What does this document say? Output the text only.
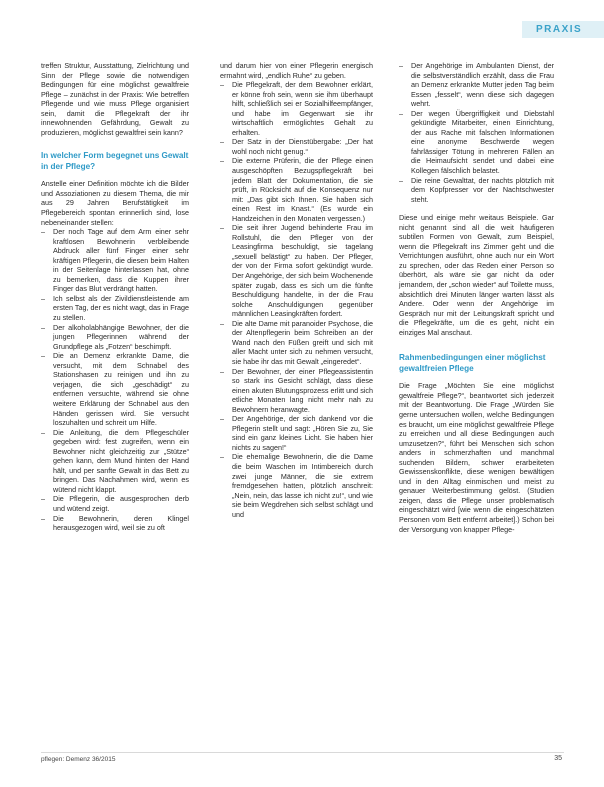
PRAXIS

treffen Struktur, Ausstattung, Zielrichtung und Sinn der Pflege sowie die notwendigen Bedingungen für eine möglichst gewaltfreie Pflege – zunächst in der Praxis: Wie betreffen Pflegende und wie muss Pflege organisiert sein, damit die Pflegekraft der ihr innewohnenden Gefährdung, Gewalt zu produzieren, möglichst gewaltfrei sein kann?

In welcher Form begegnet uns Gewalt in der Pflege?

Anstelle einer Definition möchte ich die Bilder und Assoziationen zu diesem Thema, die mir aus 29 Jahren Berufstätigkeit im Pflegebereich spontan erinnerlich sind, lose nebeneinander stellen:

– Der noch Tage auf dem Arm einer sehr kraftlosen Bewohnerin verbleibende Abdruck aller fünf Finger einer sehr kräftigen Pflegerin, die diesen beim Halten in der Seitenlage hinterlassen hat, ohne zu bemerken, dass die Kuppen ihrer Finger das Blut verdrängt hatten.
– Ich selbst als der Zivildienstleistende am ersten Tag, der es nicht wagt, das in Frage zu stellen.
– Der alkoholabhängige Bewohner, der die jungen Pflegerinnen während der Grundpflege als „Fotzen“ beschimpft.
– Die an Demenz erkrankte Dame, die versucht, mit dem Schnabel des Stationshasen zu reinigen und ihn zu verjagen, die sich „geschädigt“ zu entfernen versuchte, während sie ohne weitere Erklärung der Schnabel aus den Händen gerissen wird. Sie versucht loszuhalten und schreit um Hilfe.
– Die Anleitung, die dem Pflegeschüler gegeben wird: fest zugreifen, wenn ein Bewohner nicht gleichzeitig zur „Stütze“ gehen kann, dem Mund hinten der Hand hält, und per sanfte Gewalt in das Bett zu bringen. Das Nachahmen wird, wenn es wütend nicht klappt.
– Die Pflegerin, die ausgesprochen derb und wütend zeigt.
– Die Bewohnerin, deren Klingel herausgezogen wird, weil sie zu oft

und darum hier von einer Pflegerin energisch ermahnt wird, „endlich Ruhe“ zu geben.

– Die Pflegekraft, der dem Bewohner erklärt, er könne froh sein, wenn sie ihm überhaupt hilft, schließlich sei er Sozialhilfeempfänger, und habe im Gegenwart sie ihr wirtschaftlich ermöglichtes Gehalt zu erhalten.
– Der Satz in der Dienstübergabe: „Der hat wohl noch nicht genug.“
– Die externe Prüferin, die der Pflege einen ausgeschöpften Bezugspflegekräft bei jedem Blatt der Dokumentation, die sie prüft, in Rücksicht auf die Konsequenz nur mit: „Das gibt sich Ihnen. Sie haben sich einen Rest im Knast.“ (Es wurde ein Handzeichen in den Monaten vergessen.)
– Die seit ihrer Jugend behinderte Frau im Rollstuhl, die den Pfleger von der Leasingfirma beschuldigt, sie tagelang „sexuell belästigt“ zu haben. Der Pfleger, der von der Firma sofort gekündigt wurde. Der Angehörige, der sich beim Wochenende später zugab, dass es sich um die fünfte Beschuldigung handelte, in der die Frau solche Anschuldigungen gegenüber männlichen Leasingkräften fordert.
– Die alte Dame mit paranoider Psychose, die der Altenpflegerin beim Schreiben an der Wand nach den Füßen greift und sich mit aller Macht unter sich zu nehmen versucht, sie habe ihr das mit Gewalt „eingeredet“.
– Der Bewohner, der einer Pflegeassistentin so stark ins Gesicht schlägt, dass diese einen akuten Blutungsprozess erlitt und sich etliche Monaten lang nicht mehr nah zu Bewohnern heranwagte.
– Der Angehörige, der sich dankend vor die Pflegerin stellt und sagt: „Hören Sie zu, Sie sind ein ganz kleines Licht. Sie haben hier nichts zu sagen!“
– Die ehemalige Bewohnerin, die die Dame die beim Waschen im Intimbereich durch zwei junge Männer, die sie extrem fremdgesehen hatten, plötzlich anschreit: „Nein, nein, das lasse ich nicht zu!“, und wie sie beim Wegdrehen sich selbst schlägt und und
– Der Angehörige im Ambulanten Dienst, der die selbstverständlich erzählt, dass die Frau an Demenz erkrankte Mutter jeden Tag beim Essen „fesselt“, wenn diese sich dagegen wehrt.
– Der wegen Übergriffigkeit und Diebstahl gekündigte Mitarbeiter, einen Einrichtung, der aus Rache mit falschen Informationen eine anonyme Beschwerde wegen fahrlässiger Tötung in mehreren Fällen an die Heimaufsicht sendet und dabei eine Kollegen fälschlich belastet.
– Die reine Gewalttat, der nachts plötzlich mit dem Kopfpresser vor der Nachtschwester steht.

Diese und einige mehr weitaus Beispiele. Gar nicht genannt sind all die weit häufigeren subtilen Formen von Gewalt, zum Beispiel, wenn die Pflegekraft ins Zimmer geht und die Verrichtungen ausführt, ohne auch nur ein Wort zu sprechen, oder das Reden einer Person so überhört, als wäre sie gar nicht da oder jemandem, der „schon wieder“ auf Toilette muss, absichtlich drei Minuten länger warten lässt als Andere. Oder wenn der Angehörige im Gespräch nur mit der Leitungskraft spricht und die Pflegekräfte, um die es geht, nicht ein einziges Mal anschaut.

Rahmenbedingungen einer möglichst gewaltfreien Pflege

Die Frage „Möchten Sie eine möglichst gewaltfreie Pflege?“, beantwortet sich jederzeit mit der Beantwortung. Die Frage „Würden Sie gerne untersuchen wollen, welche Bedingungen es braucht, um eine möglichst gewaltfreie Pflege zu erreichen und all diese Bedingungen auch umzusetzen?“, führt bei Menschen sich schon anders in schmerzhaften und manchmal suchenden Bildern, schwer erarbeiteten Gewissenskonflikte, diese wenigen bewältigen und in den Alltag einmischen und meist zu genauer Weiterbestimmung gelöst. (Studien zeigen, dass die Pflege unser problematisch eingeschätzt wird [wie wenn die eingeschätzten Personen vom Bett entfernt arbeitet].) Schon bei der Versorgung von knapper Pflege-

pflegen: Demenz 36/2015	35
